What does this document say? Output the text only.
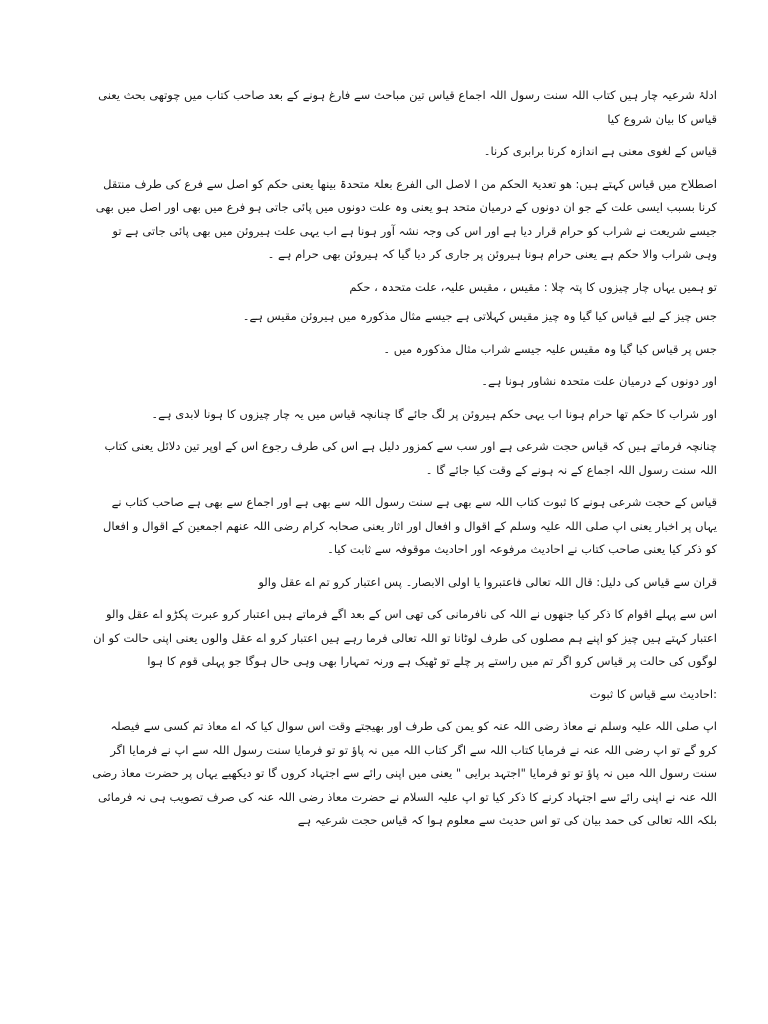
ادلۂ شرعیہ چار ہیں کتاب اللہ سنت رسول اللہ اجماع قیاس تین مباحث سے فارغ ہونے کے بعد صاحب کتاب میں چوتھی بحث یعنی قیاس کا بیان شروع کیا

قیاس کے لغوی معنی ہے اندازہ کرنا برابری کرنا۔

اصطلاح میں قیاس کہتے ہیں: ھو تعدیۃ الحکم من ا لاصل الی الفرع بعلۃ متحدۃ بینھا یعنی حکم کو اصل سے فرع کی طرف منتقل کرنا بسبب ایسی علت کے جو ان دونوں کے درمیان متحد ہو یعنی وہ علت دونوں میں پائی جاتی ہو فرع میں بھی اور اصل میں بھی جیسے شریعت نے شراب کو حرام قرار دیا ہے اور اس کی وجہ نشہ آور ہونا ہے اب یہی علت ہیروئن میں بھی پائی جاتی ہے تو وہی شراب والا حکم ہے یعنی حرام ہونا ہیروئن پر جاری کر دیا گیا کہ ہیروئن بھی حرام ہے ۔

تو ہمیں یہاں چار چیزوں کا پتہ چلا : مقیس ، مقیس علیہ، علت متحدہ ، حکم

جس چیز کے لیے قیاس کیا گیا وہ چیز مقیس کہلاتی ہے جیسے مثال مذکورہ میں ہیروئن مقیس ہے۔

جس پر قیاس کیا گیا وہ مقیس علیہ جیسے شراب مثال مذکورہ میں ۔

اور دونوں کے درمیان علت متحدہ نشاور ہونا ہے۔

اور شراب کا حکم تھا حرام ہونا اب یہی حکم ہیروئن پر لگ جائے گا چنانچہ قیاس میں یہ چار چیزوں کا ہونا لابدی ہے۔

چنانچہ فرماتے ہیں کہ قیاس حجت شرعی ہے اور سب سے کمزور دلیل ہے اس کی طرف رجوع اس کے اوپر تین دلائل یعنی کتاب اللہ سنت رسول اللہ اجماع کے نہ ہونے کے وقت کیا جائے گا ۔

قیاس کے حجت شرعی ہونے کا ثبوت کتاب اللہ سے بھی ہے سنت رسول اللہ سے بھی ہے اور اجماع سے بھی ہے صاحب کتاب نے یہاں پر اخبار یعنی اپ صلی اللہ علیہ وسلم کے اقوال و افعال اور اثار یعنی صحابہ کرام رضی اللہ عنھم اجمعین کے اقوال و افعال کو ذکر کیا یعنی صاحب کتاب نے احادیث مرفوعہ اور احادیث موقوفہ سے ثابت کیا۔

قران سے قیاس کی دلیل: قال اللہ تعالی فاعتبروا یا اولی الابصار۔ پس اعتبار کرو تم اے عقل والو

اس سے پہلے اقوام کا ذکر کیا جنھوں نے اللہ کی نافرمانی کی تھی اس کے بعد اگے فرماتے ہیں اعتبار کرو عبرت پکڑو اے عقل والو اعتبار کہتے ہیں چیز کو اپنے ہم مصلوں کی طرف لوٹانا تو اللہ تعالی فرما رہے ہیں اعتبار کرو اے عقل والوں یعنی اپنی حالت کو ان لوگوں کی حالت پر قیاس کرو اگر تم میں راستے پر چلے تو ٹھیک ہے ورنہ تمہارا بھی وہی حال ہوگا جو پہلی قوم کا ہوا

:احادیث سے قیاس کا ثبوت

اپ صلی اللہ علیہ وسلم نے معاذ رضی اللہ عنہ کو یمن کی طرف اور بھیجتے وقت اس سوال کیا کہ اے معاذ تم کسی سے فیصلہ کرو گے تو اپ رضی اللہ عنہ نے فرمایا کتاب اللہ سے اگر کتاب اللہ میں نہ پاؤ تو تو فرمایا سنت رسول اللہ سے اپ نے فرمایا اگر سنت رسول اللہ میں نہ پاؤ تو تو فرمایا "اجتہد برایی " یعنی میں اپنی رائے سے اجتہاد کروں گا تو دیکھیے یہاں پر حضرت معاذ رضی اللہ عنہ نے اپنی رائے سے اجتہاد کرنے کا ذکر کیا تو اپ علیہ السلام نے حضرت معاذ رضی اللہ عنہ کی صرف تصویب ہی نہ فرمائی بلکہ اللہ تعالی کی حمد بیان کی تو اس حدیث سے معلوم ہوا کہ قیاس حجت شرعیہ ہے
